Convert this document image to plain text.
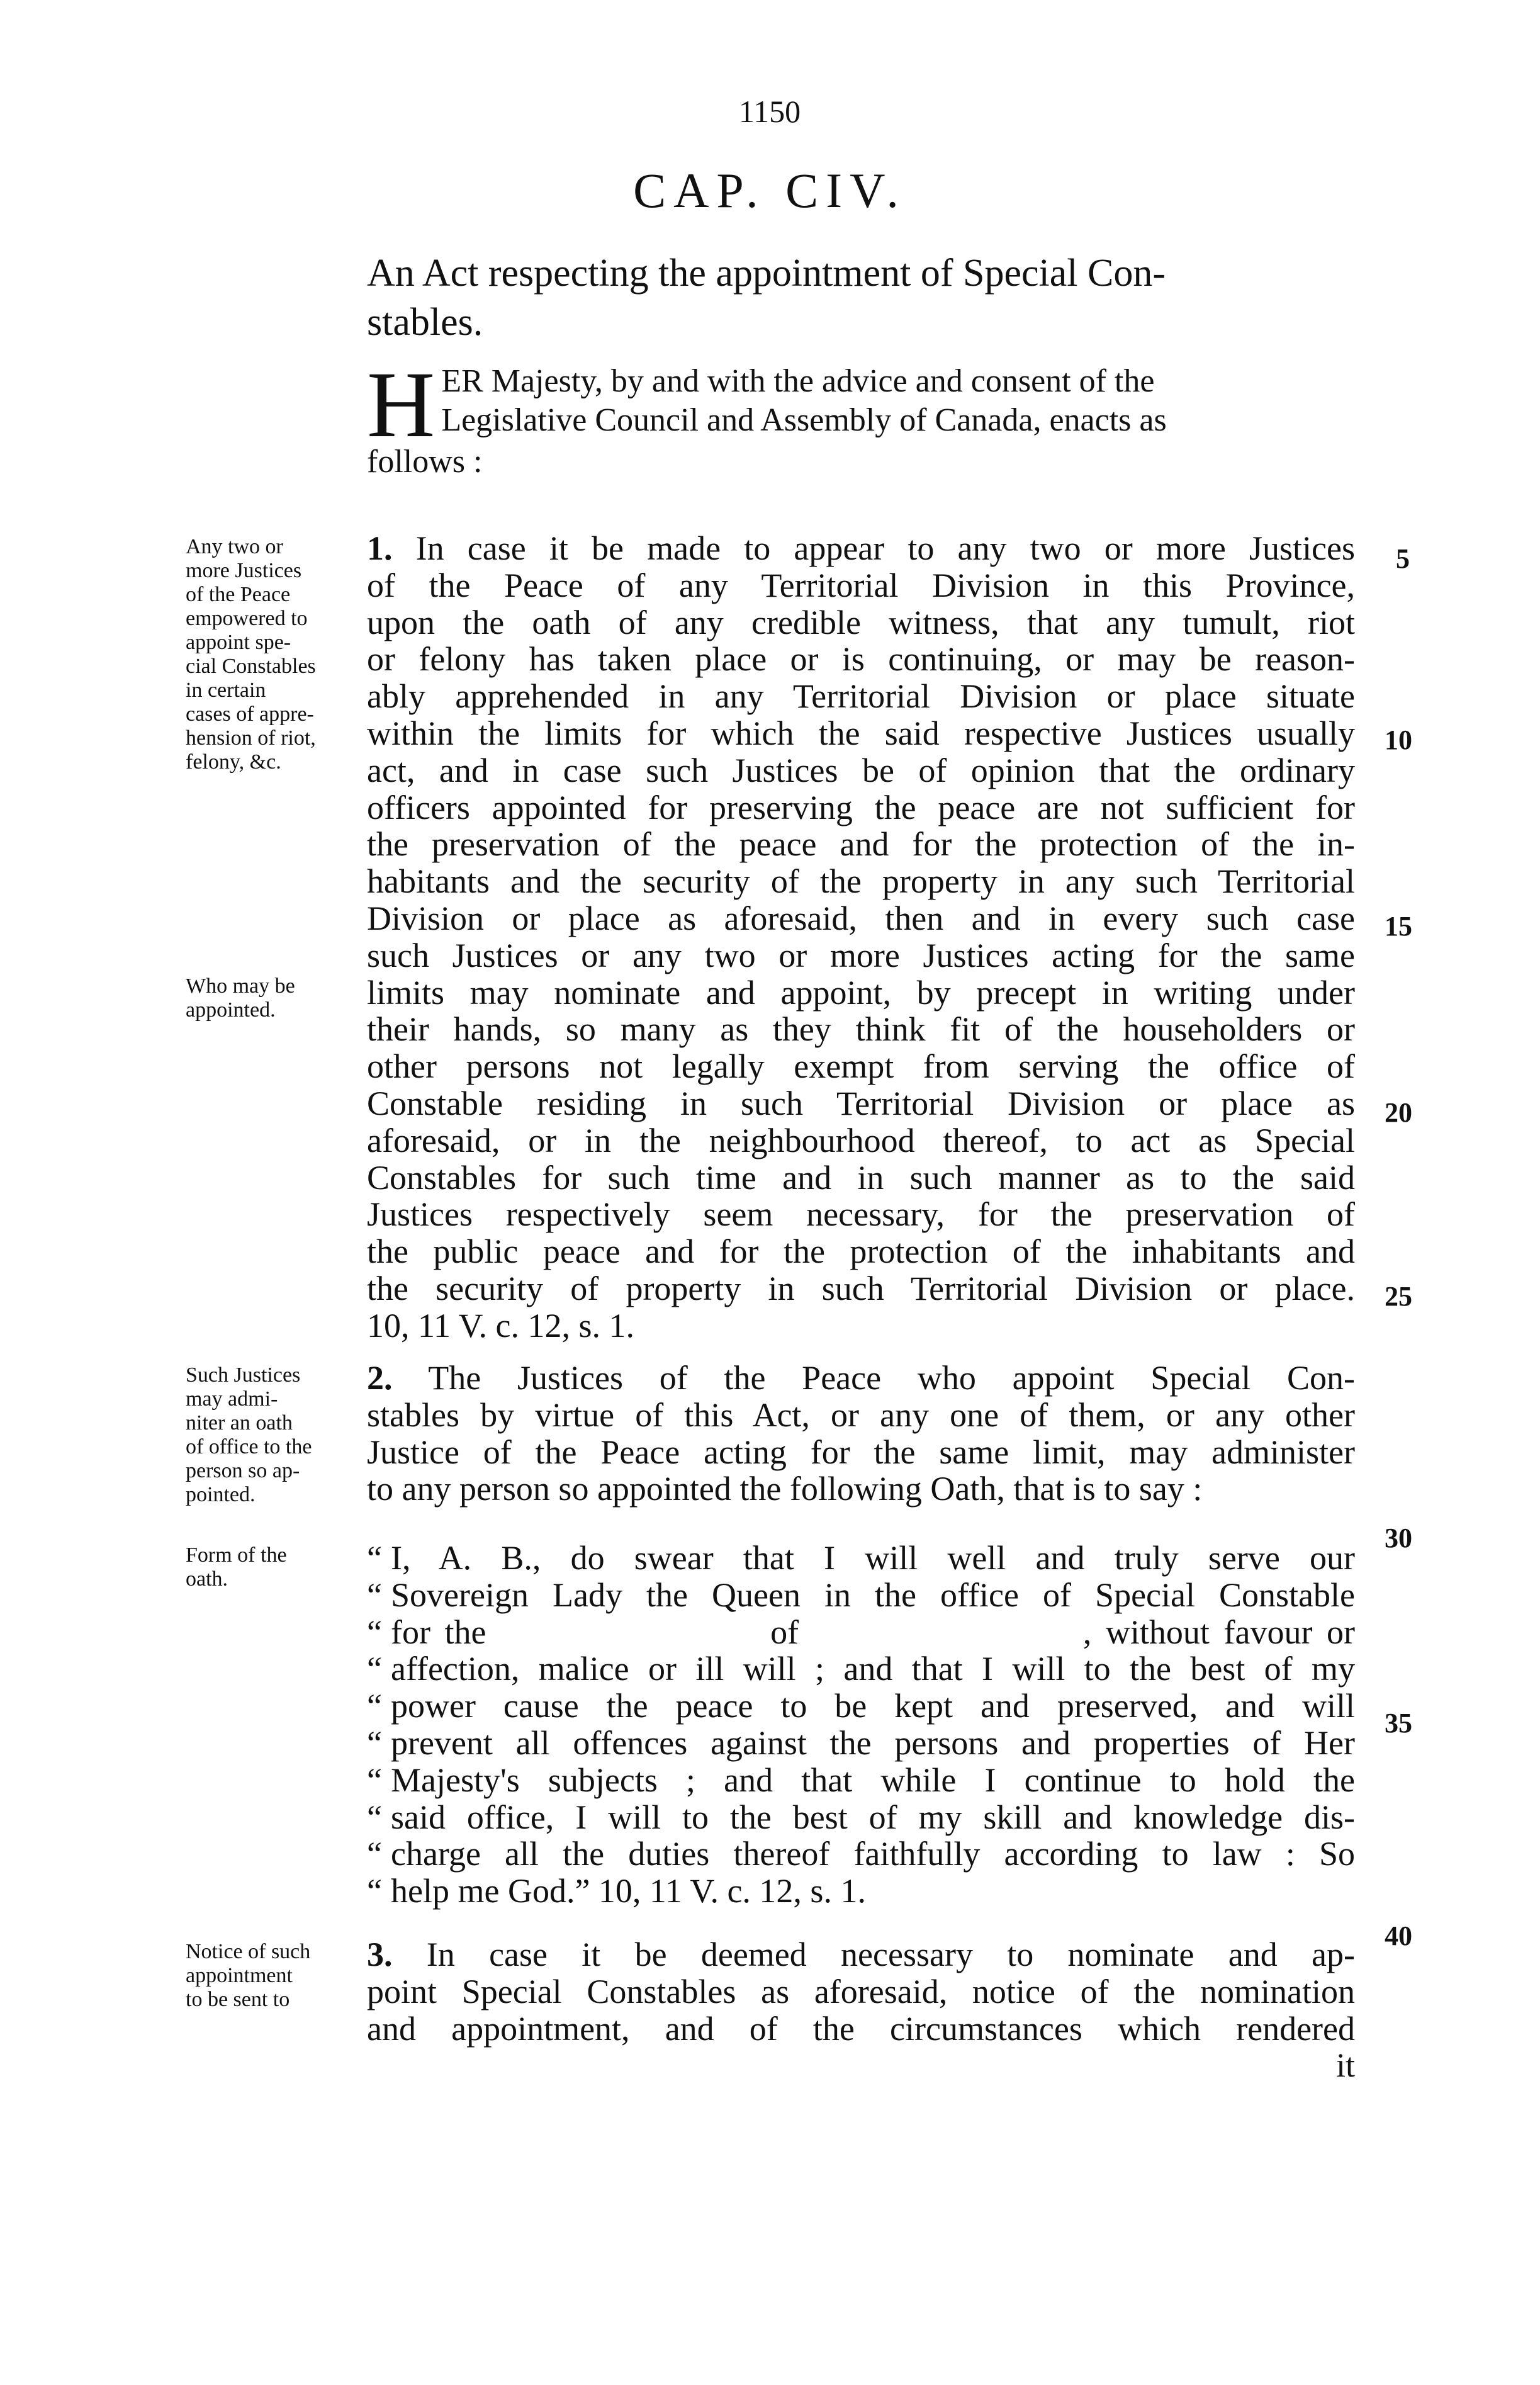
1150
CAP. CIV.
An Act respecting the appointment of Special Con-
stables.
H ER Majesty, by and with the advice and consent of the
Legislative Council and Assembly of Canada, enacts as
follows :
1. In case it be made to appear to any two or more Justices
of the Peace of any Territorial Division in this Province,
upon the oath of any credible witness, that any tumult, riot
or felony has taken place or is continuing, or may be reason-
ably apprehended in any Territorial Division or place situate
within the limits for which the said respective Justices usually
act, and in case such Justices be of opinion that the ordinary
officers appointed for preserving the peace are not sufficient for
the preservation of the peace and for the protection of the in-
habitants and the security of the property in any such Territorial
Division or place as aforesaid, then and in every such case
such Justices or any two or more Justices acting for the same
limits may nominate and appoint, by precept in writing under
their hands, so many as they think fit of the householders or
other persons not legally exempt from serving the office of
Constable residing in such Territorial Division or place as
aforesaid, or in the neighbourhood thereof, to act as Special
Constables for such time and in such manner as to the said
Justices respectively seem necessary, for the preservation of
the public peace and for the protection of the inhabitants and
the security of property in such Territorial Division or place.
10, 11 V. c. 12, s. 1.
2. The Justices of the Peace who appoint Special Con-
stables by virtue of this Act, or any one of them, or any other
Justice of the Peace acting for the same limit, may administer
to any person so appointed the following Oath, that is to say :
“ I, A. B., do swear that I will well and truly serve our
“ Sovereign Lady the Queen in the office of Special Constable
“ for the                    of                    , without favour or
“ affection, malice or ill will ; and that I will to the best of my
“ power cause the peace to be kept and preserved, and will
“ prevent all offences against the persons and properties of Her
“ Majesty's subjects ; and that while I continue to hold the
“ said office, I will to the best of my skill and knowledge dis-
“ charge all the duties thereof faithfully according to law : So
“ help me God.” 10, 11 V. c. 12, s. 1.
3. In case it be deemed necessary to nominate and ap-
point Special Constables as aforesaid, notice of the nomination
and appointment, and of the circumstances which rendered
it
Any two or
more Justices
of the Peace
empowered to
appoint spe-
cial Constables
in certain
cases of appre-
hension of riot,
felony, &c.
Who may be
appointed.
Such Justices
may admi-
niter an oath
of office to the
person so ap-
pointed.
Form of the
oath.
Notice of such
appointment
to be sent to
5
10
15
20
25
30
35
40
